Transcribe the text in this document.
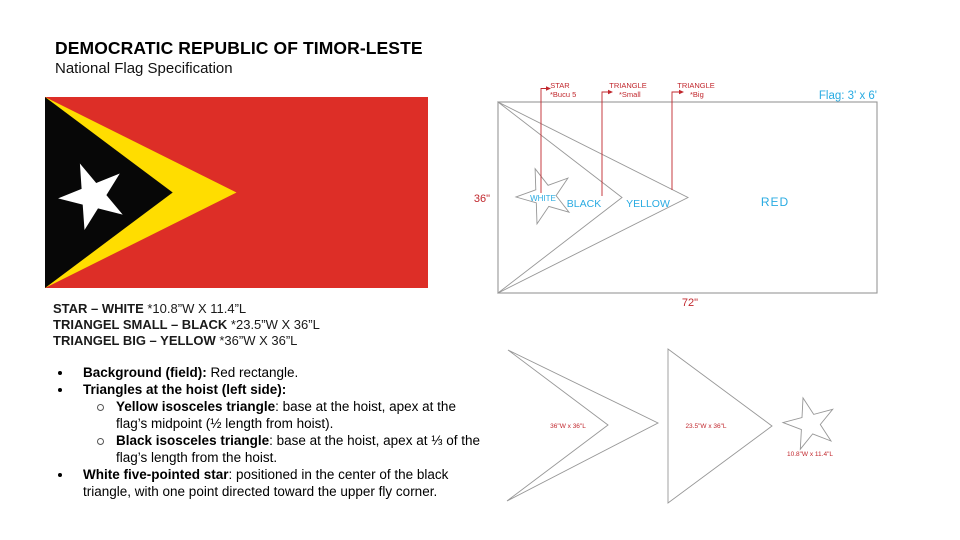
DEMOCRATIC REPUBLIC OF TIMOR-LESTE
National Flag Specification
STAR – WHITE *10.8”W X 11.4”L
TRIANGEL SMALL – BLACK *23.5”W X 36”L
TRIANGEL BIG – YELLOW *36”W X 36”L
Background (field): Red rectangle.
Triangles at the hoist (left side):
Yellow isosceles triangle: base at the hoist, apex at the flag’s midpoint (½ length from hoist).
Black isosceles triangle: base at the hoist, apex at ⅓ of the flag’s length from the hoist.
White five-pointed star: positioned in the center of the black triangle, with one point directed toward the upper fly corner.
STAR
*Bucu 5
TRIANGLE
*Small
TRIANGLE
*Big
36"
72"
Flag: 3' x 6'
WHITE BLACK YELLOW	RED
36"W x 36"L	23.5"W x 36"L
10.8"W x 11.4"L
